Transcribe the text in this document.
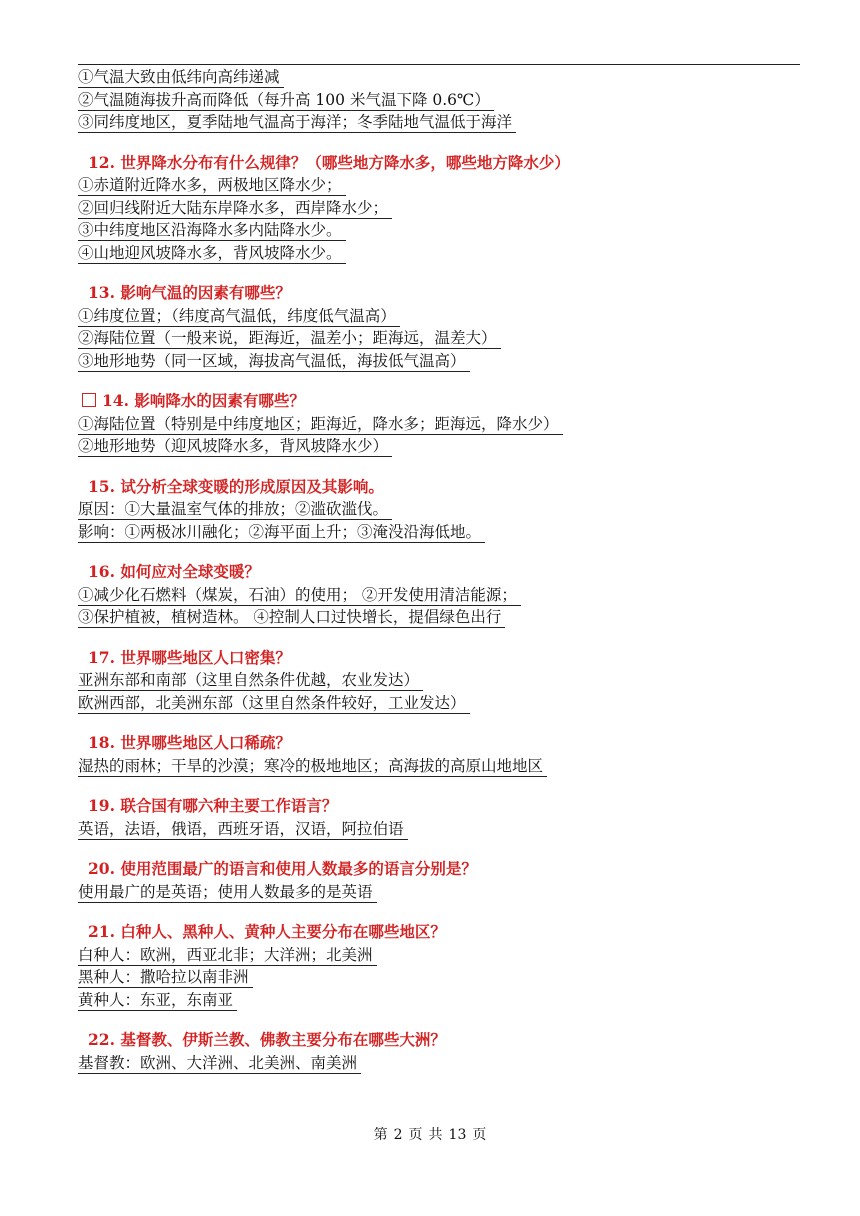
①气温大致由低纬向高纬递减
②气温随海拔升高而降低（每升高 100 米气温下降 0.6℃）
③同纬度地区，夏季陆地气温高于海洋；冬季陆地气温低于海洋
12. 世界降水分布有什么规律？（哪些地方降水多，哪些地方降水少）
①赤道附近降水多，两极地区降水少；
②回归线附近大陆东岸降水多，西岸降水少；
③中纬度地区沿海降水多内陆降水少。
④山地迎风坡降水多，背风坡降水少。
13. 影响气温的因素有哪些？
①纬度位置；（纬度高气温低，纬度低气温高）
②海陆位置（一般来说，距海近，温差小；距海远，温差大）
③地形地势（同一区域，海拔高气温低，海拔低气温高）
14. 影响降水的因素有哪些？
①海陆位置（特别是中纬度地区；距海近，降水多；距海远，降水少）
②地形地势（迎风坡降水多，背风坡降水少）
15. 试分析全球变暖的形成原因及其影响。
原因：①大量温室气体的排放；②滥砍滥伐。
影响：①两极冰川融化；②海平面上升；③淹没沿海低地。
16. 如何应对全球变暖？
①减少化石燃料（煤炭，石油）的使用； ②开发使用清洁能源；
③保护植被，植树造林。 ④控制人口过快增长，提倡绿色出行
17. 世界哪些地区人口密集？
亚洲东部和南部（这里自然条件优越，农业发达）
欧洲西部，北美洲东部（这里自然条件较好，工业发达）
18. 世界哪些地区人口稀疏？
湿热的雨林；干旱的沙漠；寒冷的极地地区；高海拔的高原山地地区
19. 联合国有哪六种主要工作语言？
英语，法语，俄语，西班牙语，汉语，阿拉伯语
20. 使用范围最广的语言和使用人数最多的语言分别是？
使用最广的是英语；使用人数最多的是英语
21. 白种人、黑种人、黄种人主要分布在哪些地区？
白种人：欧洲，西亚北非；大洋洲；北美洲
黑种人：撒哈拉以南非洲
黄种人：东亚，东南亚
22. 基督教、伊斯兰教、佛教主要分布在哪些大洲？
基督教：欧洲、大洋洲、北美洲、南美洲
第 2 页 共 13 页
